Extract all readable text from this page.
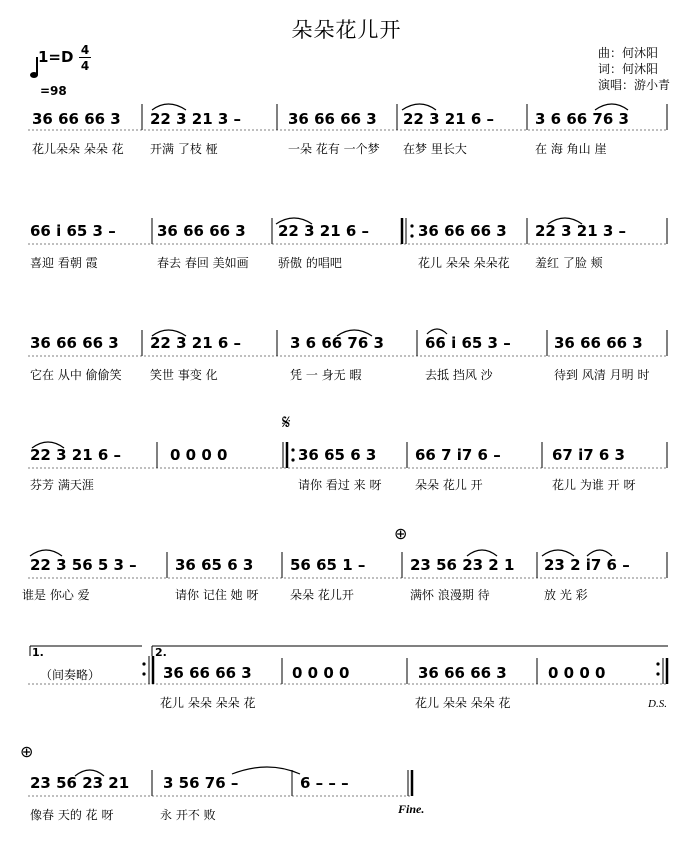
朵朵花儿开
曲：何沐阳
词：何沐阳
演唱：游小青
1=D 4
4
=98
𝄋
⊕
⊕
1.	2.
（间奏略）
D.S.
Fine.
36 66 66 3 22 3 21 3 –	36 66 66 3 22 3 21 6 –	3 6 66 76 3
花儿朵朵 朵朵 花 开满 了枝 桠	一朵 花有 一个梦 在梦 里长大	在 海 角山 崖
66 i 65 3 –	36 66 66 3 22 3 21 6 –	36 66 66 3 22 3 21 3 –
喜迎 看朝 霞	春去 春回 美如画 骄傲 的唱吧	花儿 朵朵 朵朵花 羞红 了脸 颊
36 66 66 3 22 3 21 6 –	3 6 66 76 3	66 i 65 3 –	36 66 66 3
它在 从中 偷偷笑 笑世 事变 化	凭 一 身无 暇	去抵 挡风 沙	待到 风清 月明 时
22 3 21 6 –	0 0 0 0	36 65 6 3	66 7 i7 6 –	67 i7 6 3
芬芳 满天涯	请你 看过 来 呀	朵朵 花儿 开	花儿 为谁 开 呀
22 3 56 5 3 –	36 65 6 3 56 65 1 –	23 56 23 2 1 23 2 i7 6 –
谁是 你心 爱	请你 记住 她 呀	朵朵 花儿开	满怀 浪漫期 待	放 光 彩
36 66 66 3	0 0 0 0	36 66 66 3	0 0 0 0
花儿 朵朵 朵朵 花	花儿 朵朵 朵朵 花
23 56 23 21 3 56 76 –	6 – – –
像春 天的 花 呀	永 开不 败
